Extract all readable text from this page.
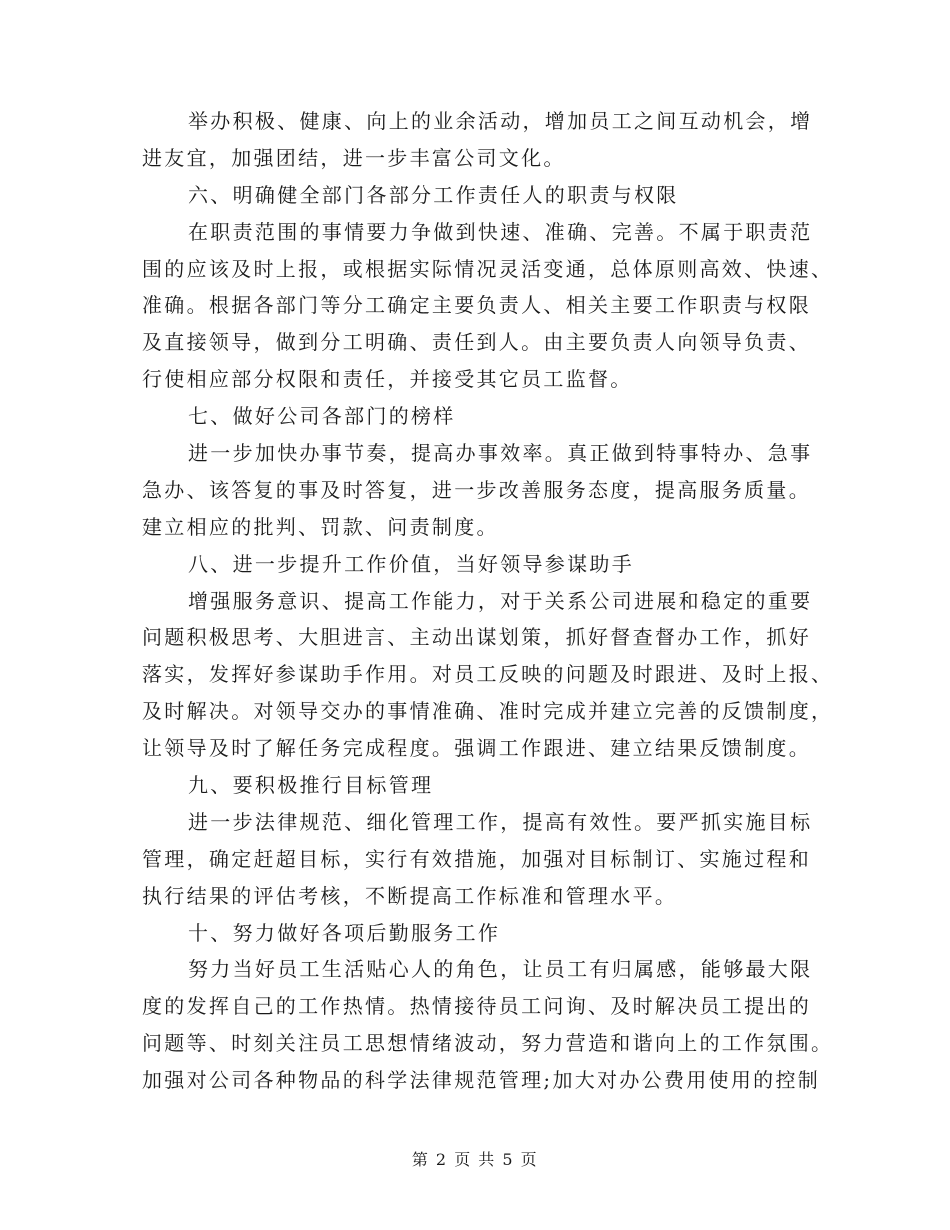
举办积极、健康、向上的业余活动，增加员工之间互动机会，增
进友宜，加强团结，进一步丰富公司文化。
六、明确健全部门各部分工作责任人的职责与权限
在职责范围的事情要力争做到快速、准确、完善。不属于职责范
围的应该及时上报，或根据实际情况灵活变通，总体原则高效、快速、
准确。根据各部门等分工确定主要负责人、相关主要工作职责与权限
及直接领导，做到分工明确、责任到人。由主要负责人向领导负责、
行使相应部分权限和责任，并接受其它员工监督。
七、做好公司各部门的榜样
进一步加快办事节奏，提高办事效率。真正做到特事特办、急事
急办、该答复的事及时答复，进一步改善服务态度，提高服务质量。
建立相应的批判、罚款、问责制度。
八、进一步提升工作价值，当好领导参谋助手
增强服务意识、提高工作能力，对于关系公司进展和稳定的重要
问题积极思考、大胆进言、主动出谋划策，抓好督查督办工作，抓好
落实，发挥好参谋助手作用。对员工反映的问题及时跟进、及时上报、
及时解决。对领导交办的事情准确、准时完成并建立完善的反馈制度，
让领导及时了解任务完成程度。强调工作跟进、建立结果反馈制度。
九、要积极推行目标管理
进一步法律规范、细化管理工作，提高有效性。要严抓实施目标
管理，确定赶超目标，实行有效措施，加强对目标制订、实施过程和
执行结果的评估考核，不断提高工作标准和管理水平。
十、努力做好各项后勤服务工作
努力当好员工生活贴心人的角色，让员工有归属感，能够最大限
度的发挥自己的工作热情。热情接待员工问询、及时解决员工提出的
问题等、时刻关注员工思想情绪波动，努力营造和谐向上的工作氛围。
加强对公司各种物品的科学法律规范管理;加大对办公费用使用的控制
第 2 页 共 5 页
